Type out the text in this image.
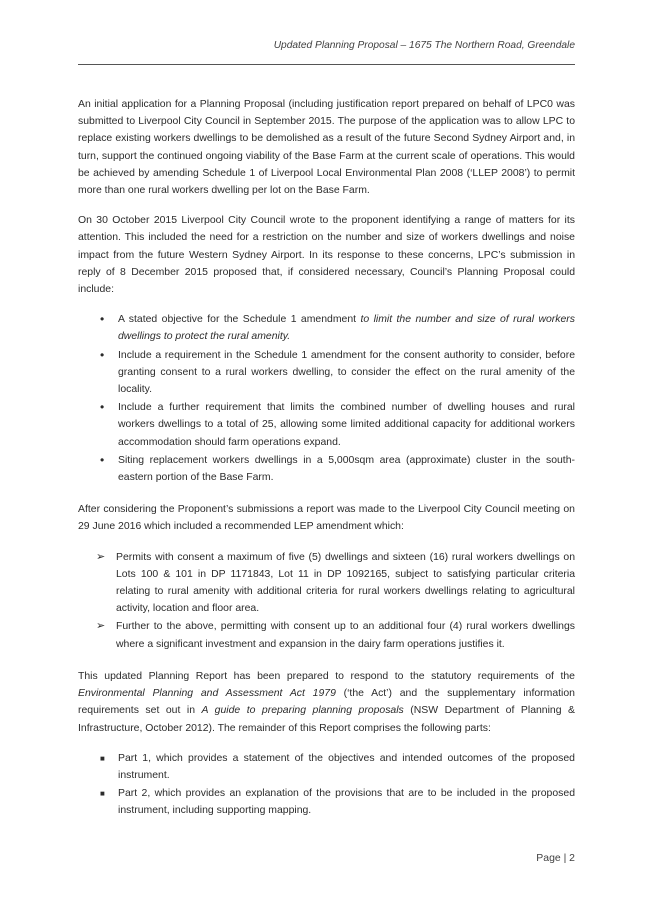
Updated Planning Proposal – 1675 The Northern Road, Greendale

An initial application for a Planning Proposal (including justification report prepared on behalf of LPC0 was submitted to Liverpool City Council in September 2015. The purpose of the application was to allow LPC to replace existing workers dwellings to be demolished as a result of the future Second Sydney Airport and, in turn, support the continued ongoing viability of the Base Farm at the current scale of operations. This would be achieved by amending Schedule 1 of Liverpool Local Environmental Plan 2008 (‘LLEP 2008’) to permit more than one rural workers dwelling per lot on the Base Farm.

On 30 October 2015 Liverpool City Council wrote to the proponent identifying a range of matters for its attention. This included the need for a restriction on the number and size of workers dwellings and noise impact from the future Western Sydney Airport. In its response to these concerns, LPC’s submission in reply of 8 December 2015 proposed that, if considered necessary, Council’s Planning Proposal could include:

• A stated objective for the Schedule 1 amendment to limit the number and size of rural workers dwellings to protect the rural amenity.
• Include a requirement in the Schedule 1 amendment for the consent authority to consider, before granting consent to a rural workers dwelling, to consider the effect on the rural amenity of the locality.
• Include a further requirement that limits the combined number of dwelling houses and rural workers dwellings to a total of 25, allowing some limited additional capacity for additional workers accommodation should farm operations expand.
• Siting replacement workers dwellings in a 5,000sqm area (approximate) cluster in the south-eastern portion of the Base Farm.

After considering the Proponent’s submissions a report was made to the Liverpool City Council meeting on 29 June 2016 which included a recommended LEP amendment which:

➢ Permits with consent a maximum of five (5) dwellings and sixteen (16) rural workers dwellings on Lots 100 & 101 in DP 1171843, Lot 11 in DP 1092165, subject to satisfying particular criteria relating to rural amenity with additional criteria for rural workers dwellings relating to agricultural activity, location and floor area.
➢ Further to the above, permitting with consent up to an additional four (4) rural workers dwellings where a significant investment and expansion in the dairy farm operations justifies it.

This updated Planning Report has been prepared to respond to the statutory requirements of the Environmental Planning and Assessment Act 1979 (‘the Act’) and the supplementary information requirements set out in A guide to preparing planning proposals (NSW Department of Planning & Infrastructure, October 2012). The remainder of this Report comprises the following parts:

■ Part 1, which provides a statement of the objectives and intended outcomes of the proposed instrument.
■ Part 2, which provides an explanation of the provisions that are to be included in the proposed instrument, including supporting mapping.
Page | 2
